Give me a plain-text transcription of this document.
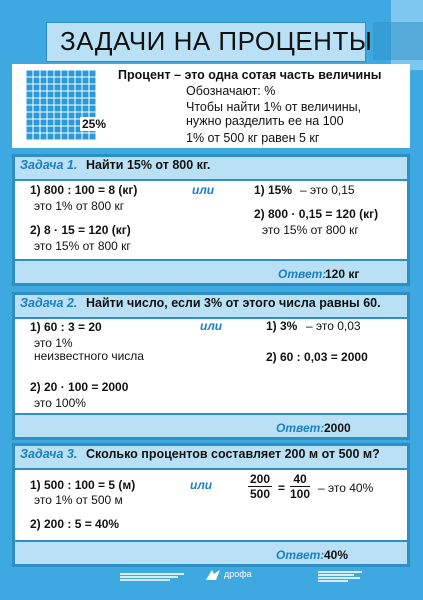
ЗАДАЧИ НА ПРОЦЕНТЫ
25%
Процент – это одна сотая часть величины
Обозначают: %
Чтобы найти 1% от величины,
нужно разделить ее на 100
1% от 500 кг равен 5 кг
Задача 1. Найти 15% от 800 кг.
1) 800 : 100 = 8 (кг)
это 1% от 800 кг
2) 8 · 15 = 120 (кг)
это 15% от 800 кг
или	1) 15% – это 0,15
2) 800 · 0,15 = 120 (кг)
это 15% от 800 кг
Ответ:
120 кг
Задача 2. Найти число, если 3% от этого числа равны 60.
1) 60 : 3 = 20
это 1%
неизвестного числа
2) 20 · 100 = 2000
это 100%
или	1) 3% – это 0,03
2) 60 : 0,03 = 2000
Ответ: 2000
Задача 3. Сколько процентов составляет 200 м от 500 м?
1) 500 : 100 = 5 (м)
это 1% от 500 м
2) 200 : 5 = 40%
или	$\frac{200}{500} = \frac{40}{100}$ – это 40%
Ответ: 40%
дрофа
